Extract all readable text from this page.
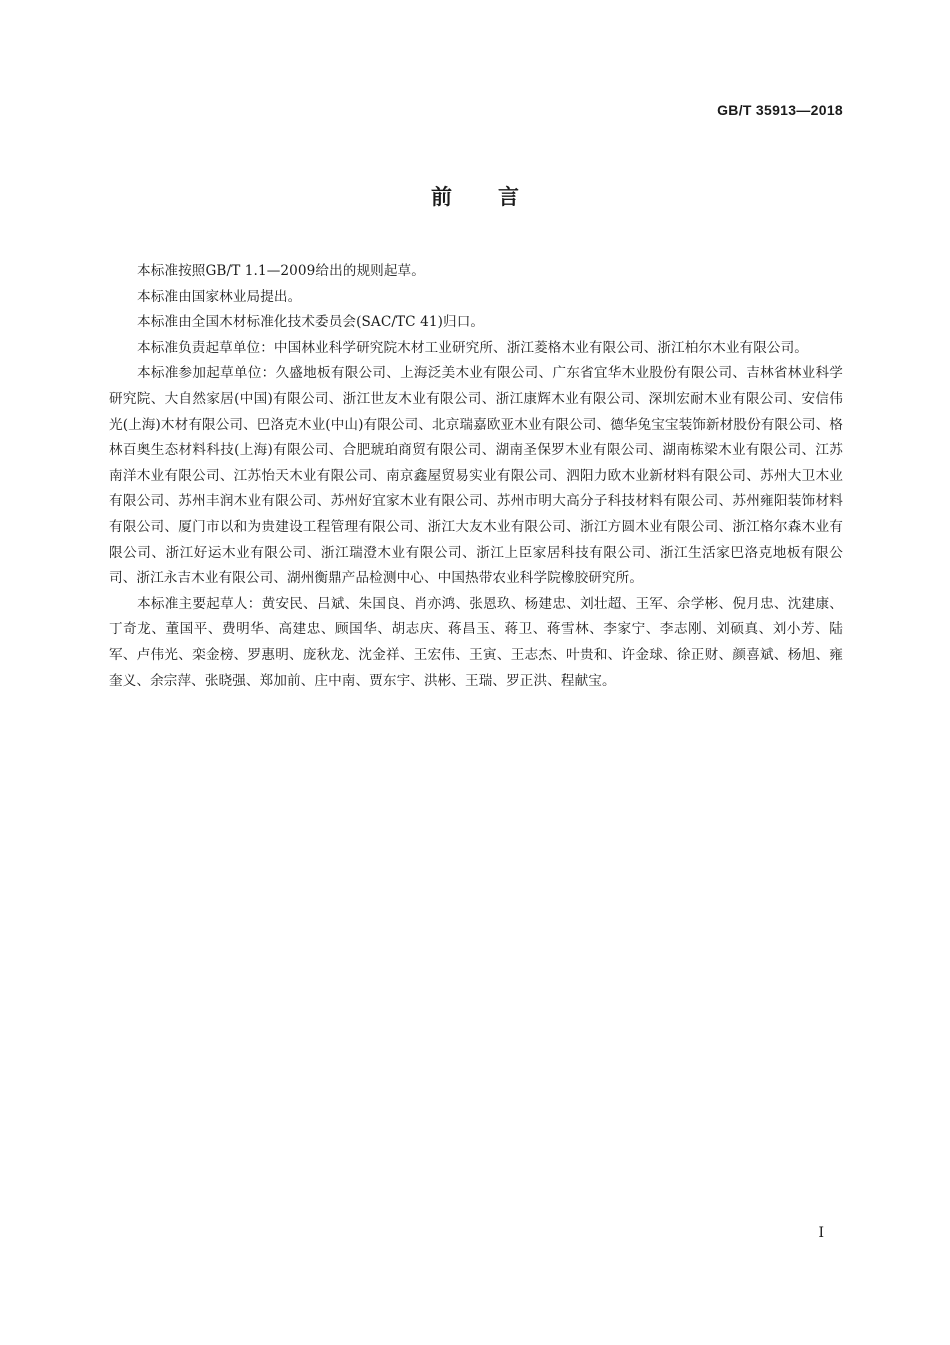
GB/T 35913—2018
前言

本标准按照GB/T 1.1—2009给出的规则起草。

本标准由国家林业局提出。

本标准由全国木材标准化技术委员会(SAC/TC 41)归口。

本标准负责起草单位：中国林业科学研究院木材工业研究所、浙江菱格木业有限公司、浙江柏尔木业有限公司。

本标准参加起草单位：久盛地板有限公司、上海泛美木业有限公司、广东省宜华木业股份有限公司、吉林省林业科学研究院、大自然家居(中国)有限公司、浙江世友木业有限公司、浙江康辉木业有限公司、深圳宏耐木业有限公司、安信伟光(上海)木材有限公司、巴洛克木业(中山)有限公司、北京瑞嘉欧亚木业有限公司、德华兔宝宝装饰新材股份有限公司、格林百奥生态材料科技(上海)有限公司、合肥琥珀商贸有限公司、湖南圣保罗木业有限公司、湖南栋梁木业有限公司、江苏南洋木业有限公司、江苏怡天木业有限公司、南京鑫屋贸易实业有限公司、泗阳力欧木业新材料有限公司、苏州大卫木业有限公司、苏州丰润木业有限公司、苏州好宜家木业有限公司、苏州市明大高分子科技材料有限公司、苏州雍阳装饰材料有限公司、厦门市以和为贵建设工程管理有限公司、浙江大友木业有限公司、浙江方圆木业有限公司、浙江格尔森木业有限公司、浙江好运木业有限公司、浙江瑞澄木业有限公司、浙江上臣家居科技有限公司、浙江生活家巴洛克地板有限公司、浙江永吉木业有限公司、湖州衡鼎产品检测中心、中国热带农业科学院橡胶研究所。

本标准主要起草人：黄安民、吕斌、朱国良、肖亦鸿、张恩玖、杨建忠、刘壮超、王军、佘学彬、倪月忠、沈建康、丁奇龙、董国平、费明华、高建忠、顾国华、胡志庆、蒋昌玉、蒋卫、蒋雪林、李家宁、李志刚、刘硕真、刘小芳、陆军、卢伟光、栾金榜、罗惠明、庞秋龙、沈金祥、王宏伟、王寅、王志杰、叶贵和、许金球、徐正财、颜喜斌、杨旭、雍奎义、余宗萍、张晓强、郑加前、庄中南、贾东宇、洪彬、王瑞、罗正洪、程献宝。

I
